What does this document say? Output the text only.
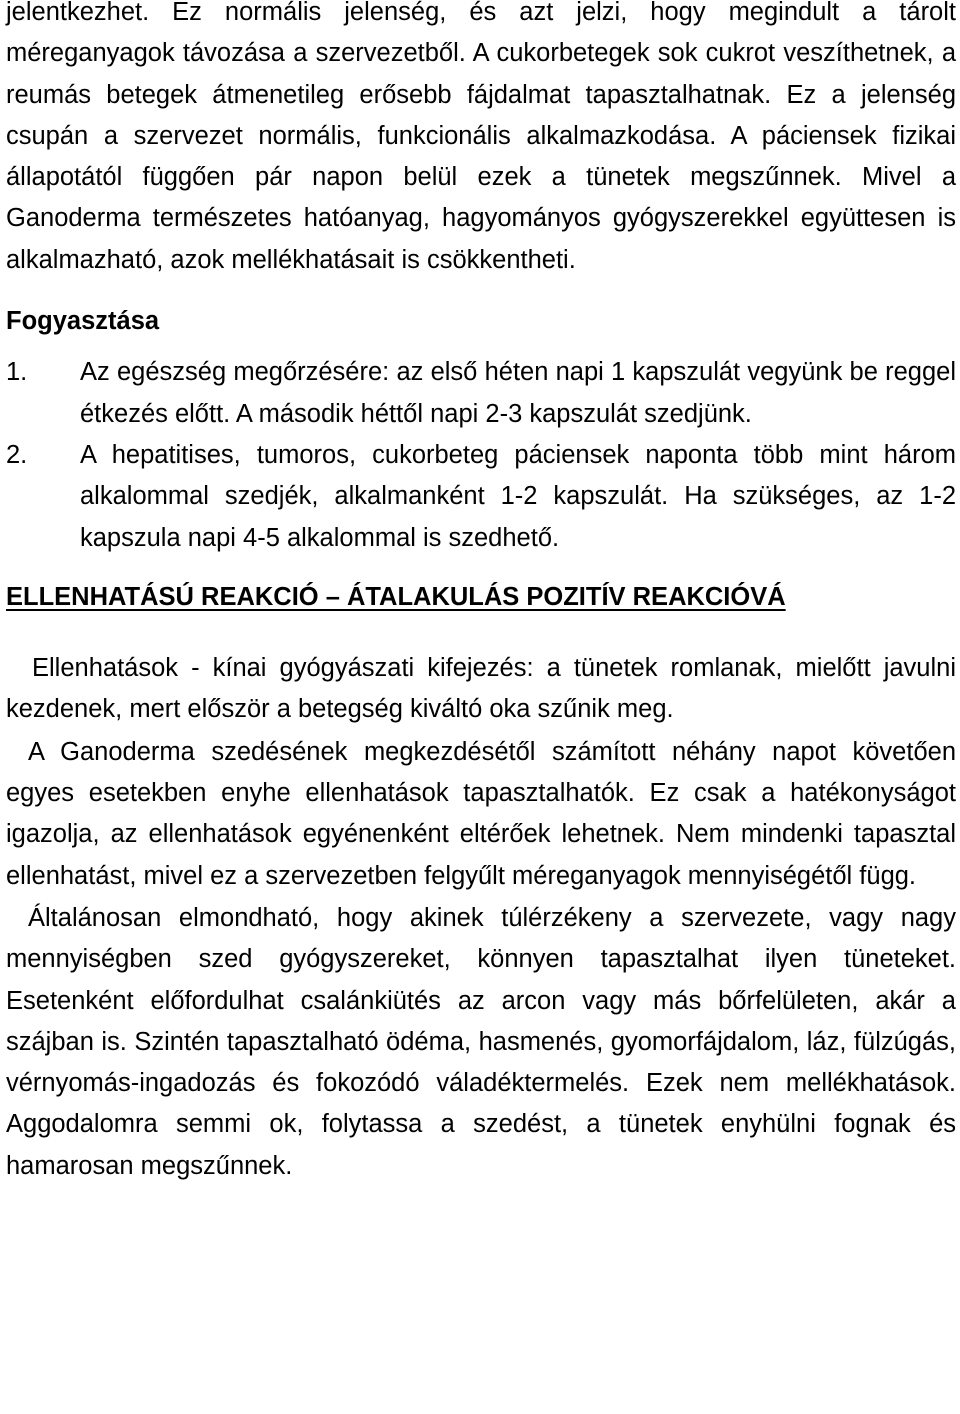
jelentkezhet. Ez normális jelenség, és azt jelzi, hogy megindult a tárolt méreganyagok távozása a szervezetből. A cukorbetegek sok cukrot veszíthetnek, a reumás betegek átmenetileg erősebb fájdalmat tapasztalhatnak. Ez a jelenség csupán a szervezet normális, funkcionális alkalmazkodása. A páciensek fizikai állapotától függően pár napon belül ezek a tünetek megszűnnek. Mivel a Ganoderma természetes hatóanyag, hagyományos gyógyszerekkel együttesen is alkalmazható, azok mellékhatásait is csökkentheti.

Fogyasztása
1.	Az egészség megőrzésére: az első héten napi 1 kapszulát vegyünk be reggel étkezés előtt. A második héttől napi 2-3 kapszulát szedjünk.
2.	A hepatitises, tumoros, cukorbeteg páciensek naponta több mint három alkalommal szedjék, alkalmanként 1-2 kapszulát. Ha szükséges, az 1-2 kapszula napi 4-5 alkalommal is szedhető.
ELLENHATÁSÚ REAKCIÓ – ÁTALAKULÁS POZITÍV REAKCIÓVÁ

Ellenhatások - kínai gyógyászati kifejezés: a tünetek romlanak, mielőtt javulni kezdenek, mert először a betegség kiváltó oka szűnik meg.

A Ganoderma szedésének megkezdésétől számított néhány napot követően egyes esetekben enyhe ellenhatások tapasztalhatók. Ez csak a hatékonyságot igazolja, az ellenhatások egyénenként eltérőek lehetnek. Nem mindenki tapasztal ellenhatást, mivel ez a szervezetben felgyűlt méreganyagok mennyiségétől függ.

Általánosan elmondható, hogy akinek túlérzékeny a szervezete, vagy nagy mennyiségben szed gyógyszereket, könnyen tapasztalhat ilyen tüneteket. Esetenként előfordulhat csalánkiütés az arcon vagy más bőrfelületen, akár a szájban is. Szintén tapasztalható ödéma, hasmenés, gyomorfájdalom, láz, fülzúgás, vérnyomás-ingadozás és fokozódó váladéktermelés. Ezek nem mellékhatások. Aggodalomra semmi ok, folytassa a szedést, a tünetek enyhülni fognak és hamarosan megszűnnek.
